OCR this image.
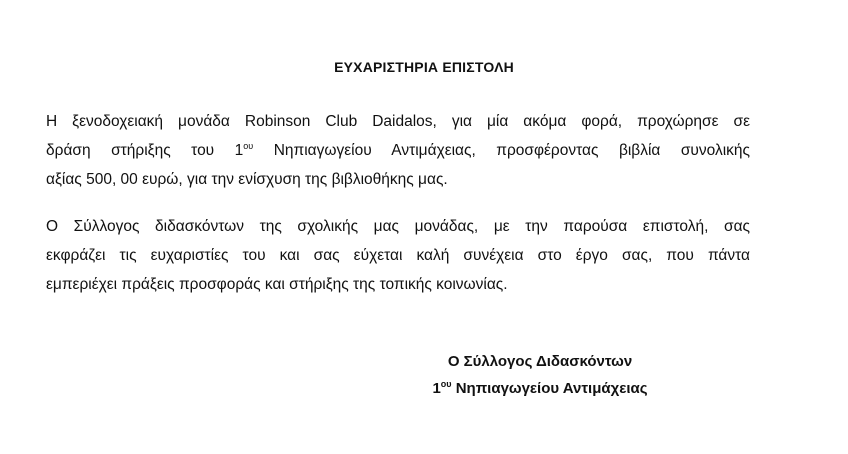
ΕΥΧΑΡΙΣΤΗΡΙΑ ΕΠΙΣΤΟΛΗ
Η ξενοδοχειακή μονάδα Robinson Club Daidalos, για μία ακόμα φορά, προχώρησε σε
δράση στήριξης του $1^{o\upsilon}$ Νηπιαγωγείου Αντιμάχειας, προσφέροντας βιβλία συνολικής
αξίας 500, 00 ευρώ, για την ενίσχυση της βιβλιοθήκης μας.
Ο Σύλλογος διδασκόντων της σχολικής μας μονάδας, με την παρούσα επιστολή, σας
εκφράζει τις ευχαριστίες του και σας εύχεται καλή συνέχεια στο έργο σας, που πάντα
εμπεριέχει πράξεις προσφοράς και στήριξης της τοπικής κοινωνίας.
Ο Σύλλογος Διδασκόντων
$1^{o\upsilon}$ Νηπιαγωγείου Αντιμάχειας
